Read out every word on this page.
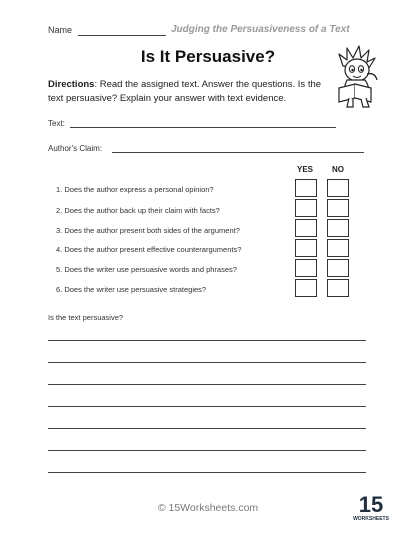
Name	Judging the Persuasiveness of a Text
Is It Persuasive?
Directions: Read the assigned text. Answer the questions. Is the text persuasive? Explain your answer with text evidence.
Text:
Author's Claim:
YES NO
1. Does the author express a personal opinion?
2. Does the author back up their claim with facts?
3. Does the author present both sides of the argument?
4. Does the author present effective counterarguments?
5. Does the writer use persuasive words and phrases?
6. Does the writer use persuasive strategies?
Is the text persuasive?
© 15Worksheets.com	15
WORKSHEETS
